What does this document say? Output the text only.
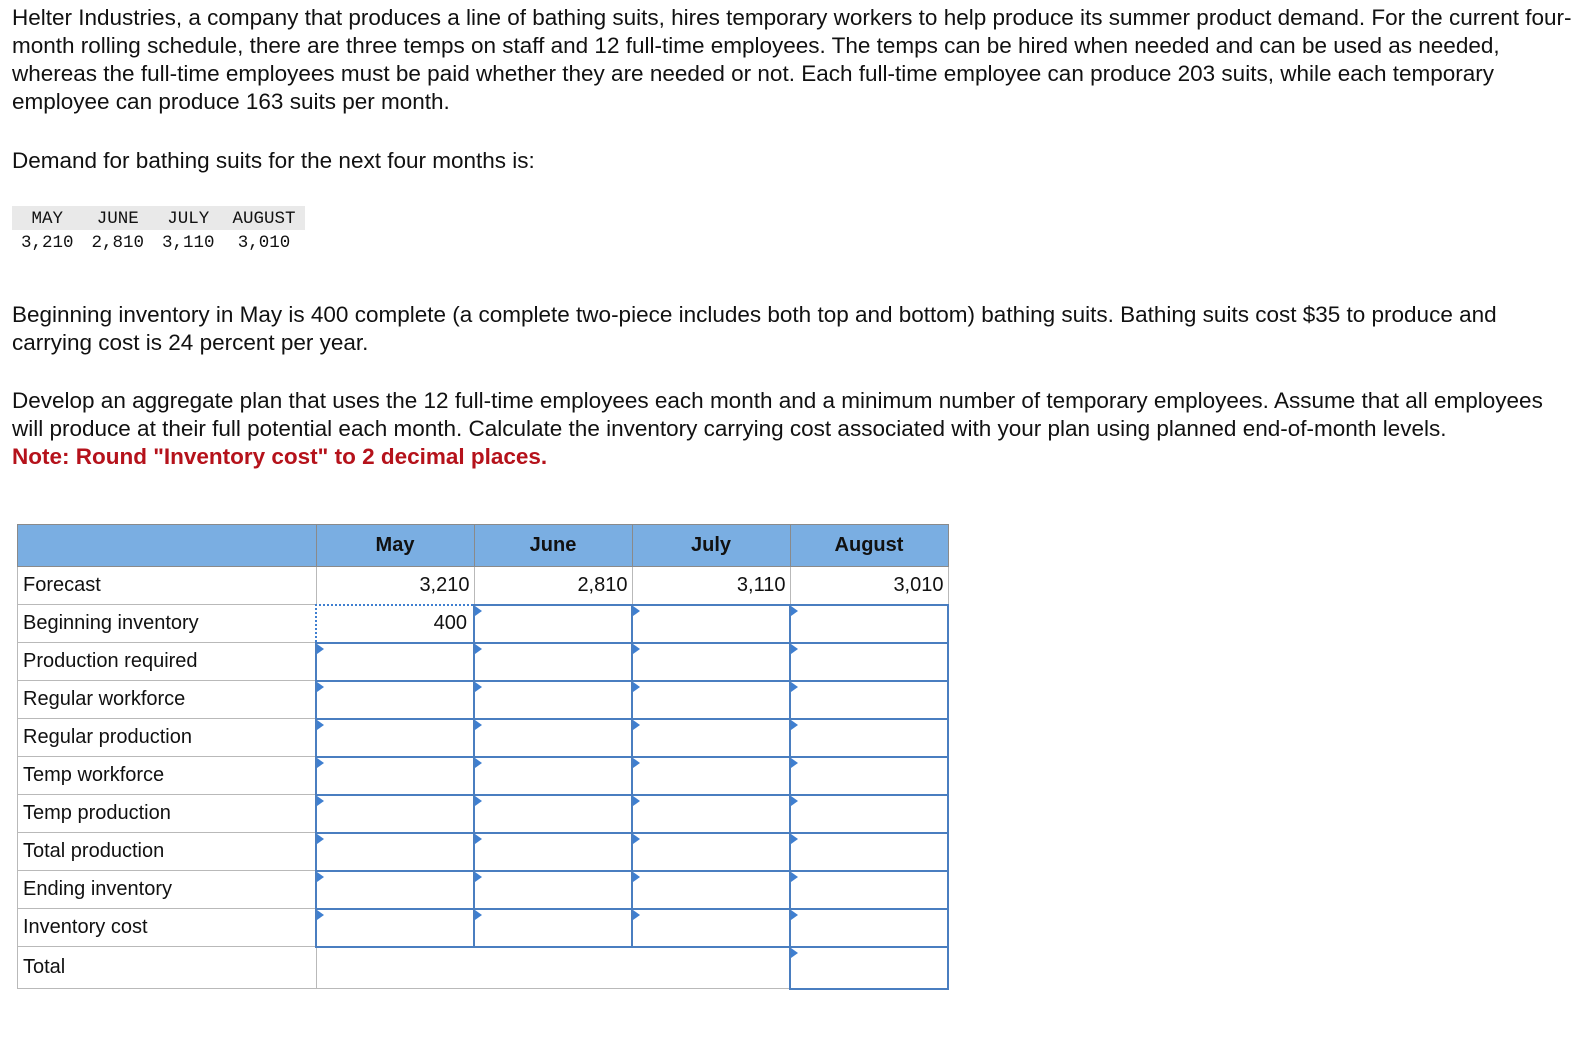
Helter Industries, a company that produces a line of bathing suits, hires temporary workers to help produce its summer product demand. For the current four-month rolling schedule, there are three temps on staff and 12 full-time employees. The temps can be hired when needed and can be used as needed, whereas the full-time employees must be paid whether they are needed or not. Each full-time employee can produce 203 suits, while each temporary employee can produce 163 suits per month.

Demand for bathing suits for the next four months is:

Beginning inventory in May is 400 complete (a complete two-piece includes both top and bottom) bathing suits. Bathing suits cost $35 to produce and carrying cost is 24 percent per year.

Develop an aggregate plan that uses the 12 full-time employees each month and a minimum number of temporary employees. Assume that all employees will produce at their full potential each month. Calculate the inventory carrying cost associated with your plan using planned end-of-month levels.

Note: Round "Inventory cost" to 2 decimal places.

MAY	JUNE	JULY	AUGUST
3,210	2,810	3,110	3,010
	May	June	July	August
Forecast	3,210	2,810	3,110	3,010
Beginning inventory	400			
Production required				
Regular workforce				
Regular production				
Temp workforce				
Temp production				
Total production				
Ending inventory				
Inventory cost				
Total				
